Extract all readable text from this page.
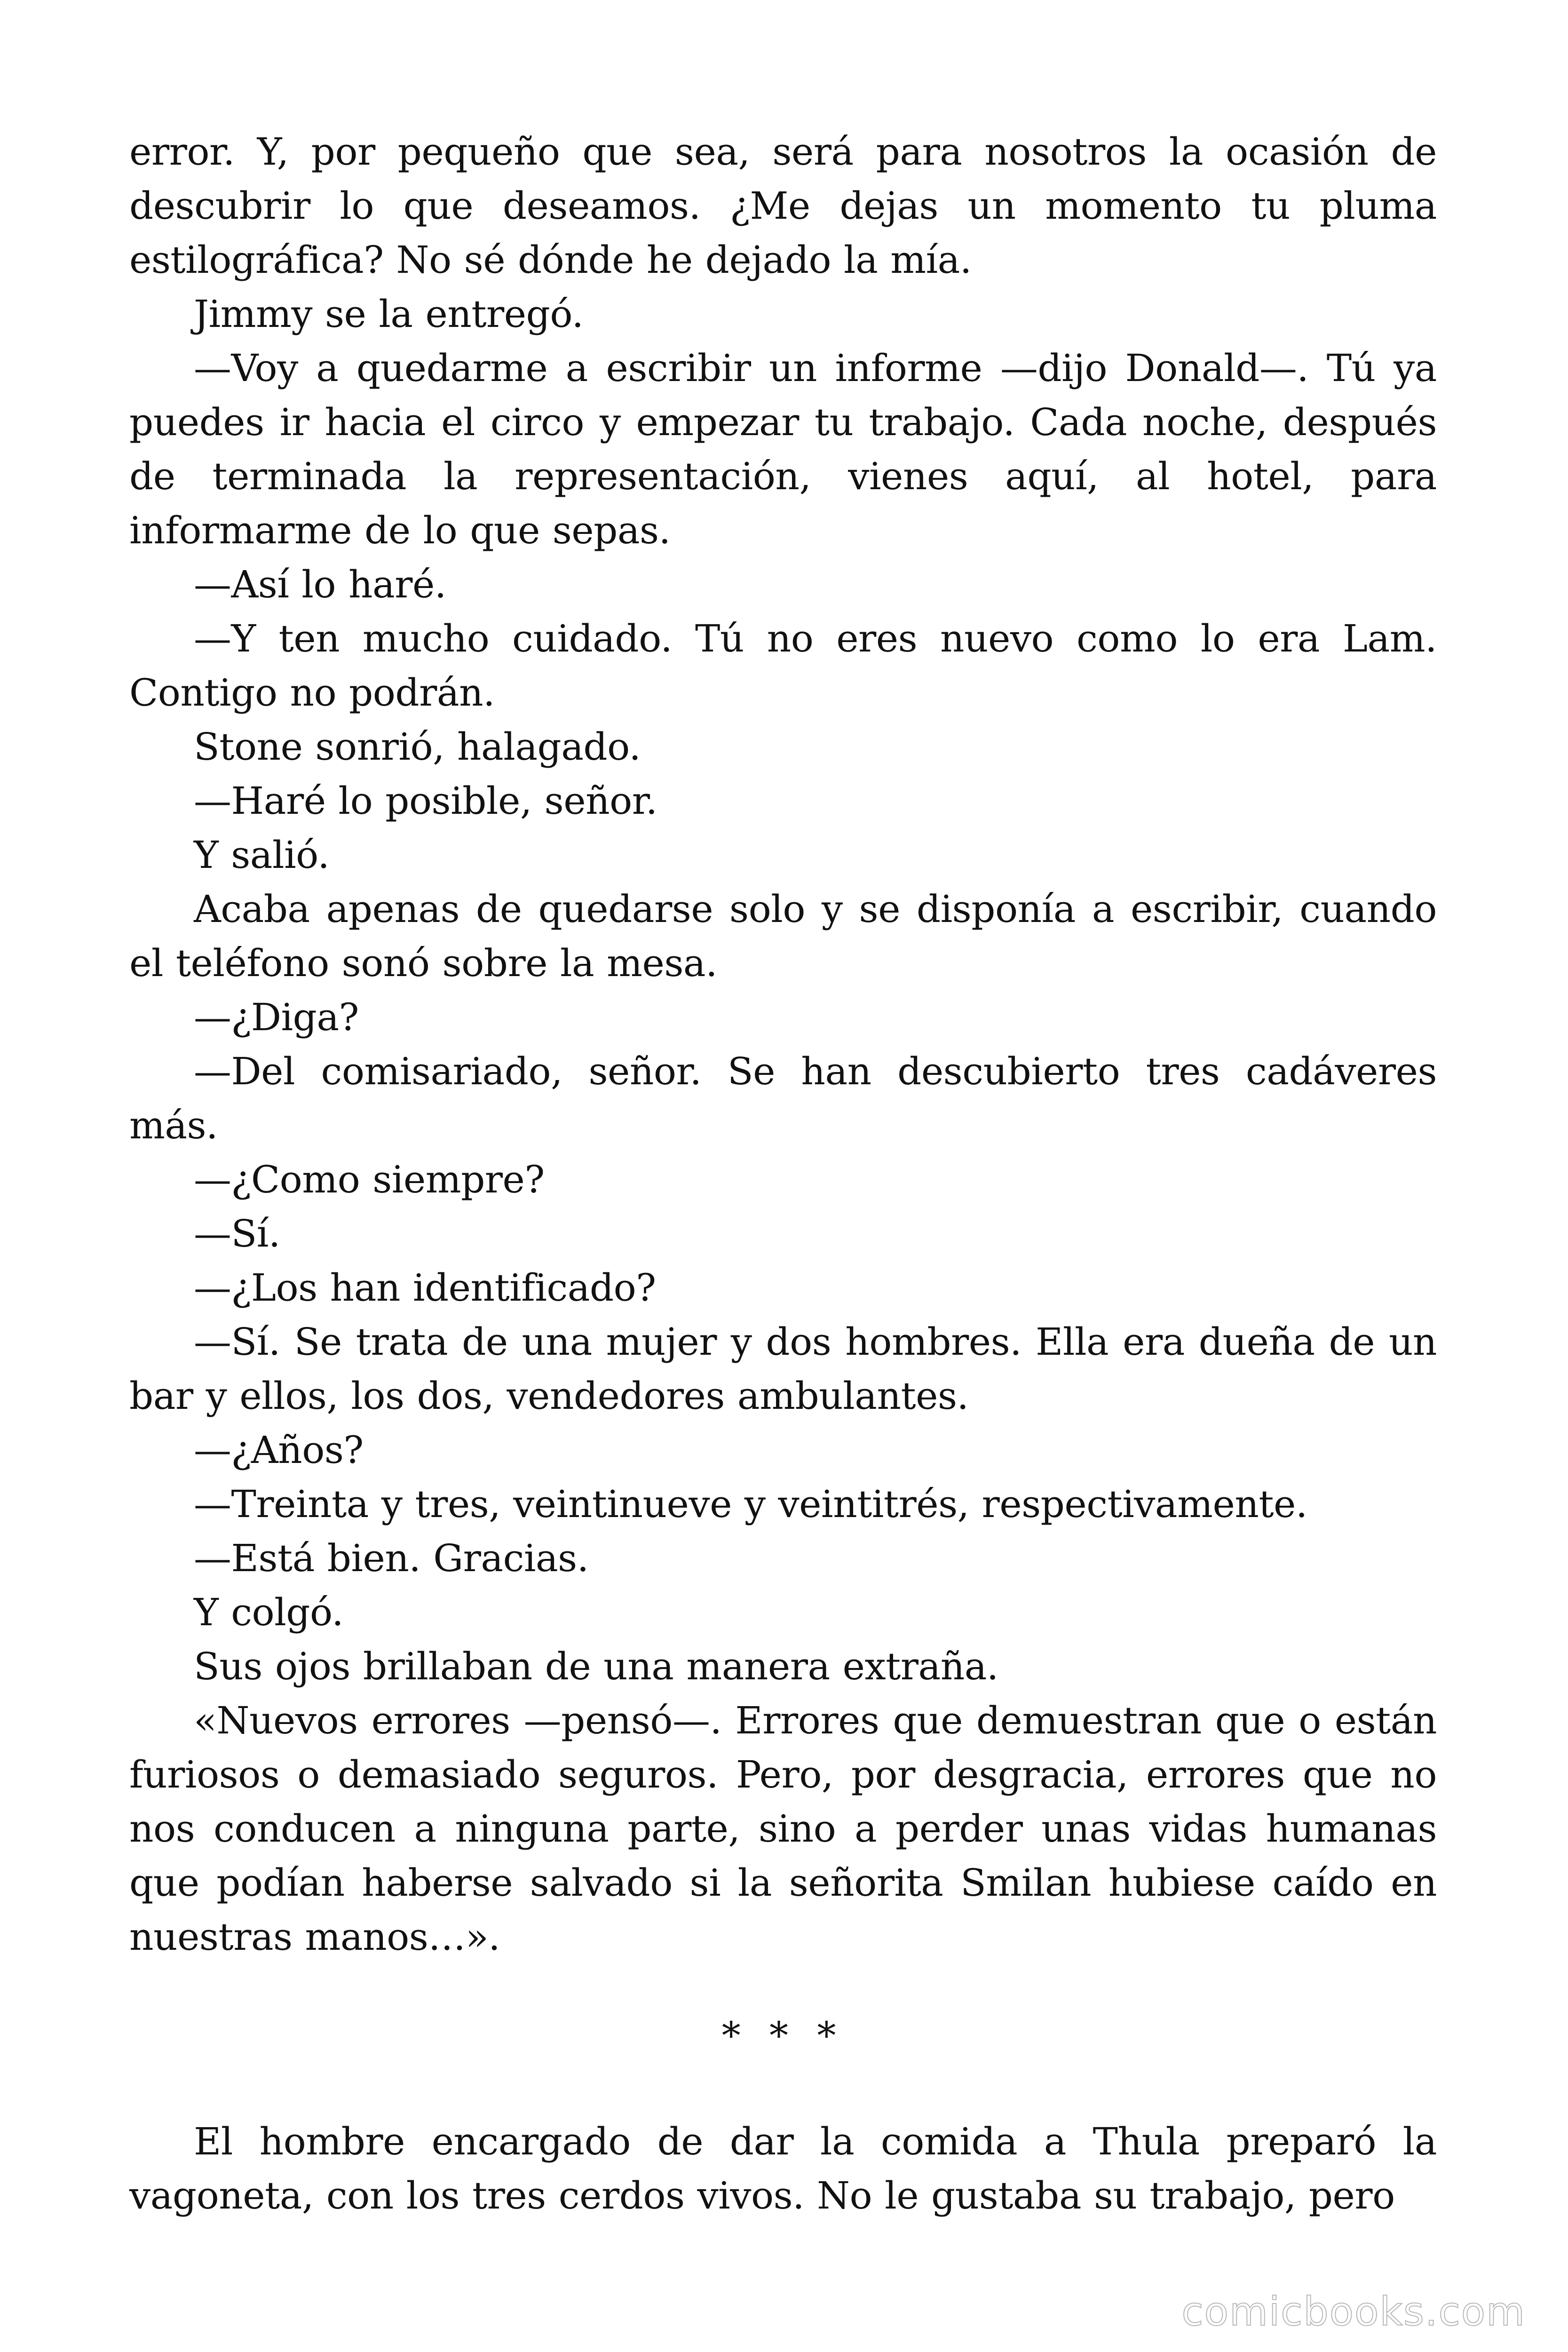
error. Y, por pequeño que sea, será para nosotros la ocasión de descubrir lo que deseamos. ¿Me dejas un momento tu pluma estilográfica? No sé dónde he dejado la mía.

Jimmy se la entregó.

—Voy a quedarme a escribir un informe —dijo Donald—. Tú ya puedes ir hacia el circo y empezar tu trabajo. Cada noche, después de terminada la representación, vienes aquí, al hotel, para informarme de lo que sepas.

—Así lo haré.

—Y ten mucho cuidado. Tú no eres nuevo como lo era Lam. Contigo no podrán.

Stone sonrió, halagado.

—Haré lo posible, señor.

Y salió.

Acaba apenas de quedarse solo y se disponía a escribir, cuando el teléfono sonó sobre la mesa.

—¿Diga?

—Del comisariado, señor. Se han descubierto tres cadáveres más.

—¿Como siempre?

—Sí.

—¿Los han identificado?

—Sí. Se trata de una mujer y dos hombres. Ella era dueña de un bar y ellos, los dos, vendedores ambulantes.

—¿Años?

—Treinta y tres, veintinueve y veintitrés, respectivamente.

—Está bien. Gracias.

Y colgó.

Sus ojos brillaban de una manera extraña.

«Nuevos errores —pensó—. Errores que demuestran que o están furiosos o demasiado seguros. Pero, por desgracia, errores que no nos conducen a ninguna parte, sino a perder unas vidas humanas que podían haberse salvado si la señorita Smilan hubiese caído en nuestras manos…».

* * *

El hombre encargado de dar la comida a Thula preparó la vagoneta, con los tres cerdos vivos. No le gustaba su trabajo, pero

comicbooks.com
